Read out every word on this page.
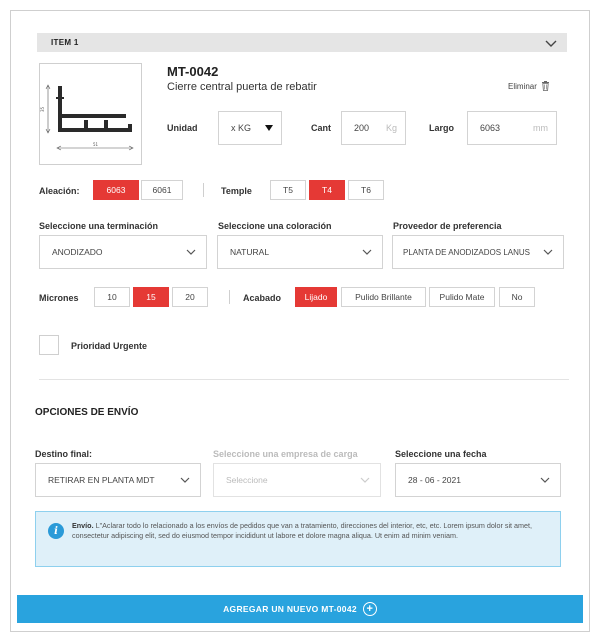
ITEM 1
35
51
MT-0042
Cierre central puerta de rebatir	Eliminar
Unidad	x KG	Cant	200 Kg	Largo	6063	mm
Aleación:	6063	6061	Temple	T5	T4	T6
Seleccione una terminación
ANODIZADO
Seleccione una coloración
NATURAL
Proveedor de preferencia
PLANTA DE ANODIZADOS LANUS
Micrones	10	15	20	Acabado	Lijado	Pulido Brillante	Pulido Mate	No
Prioridad Urgente
OPCIONES DE ENVÍO
Destino final:
RETIRAR EN PLANTA MDT
Seleccione una empresa de carga
Seleccione
Seleccione una fecha
28 - 06 - 2021
i	Envío. L"Aclarar todo lo relacionado a los envíos de pedidos que van a tratamiento, direcciones del interior, etc, etc. Lorem ipsum dolor sit amet, consectetur adipiscing elit, sed do eiusmod tempor incididunt ut labore et dolore magna aliqua. Ut enim ad minim veniam.
AGREGAR UN NUEVO MT-0042 +
